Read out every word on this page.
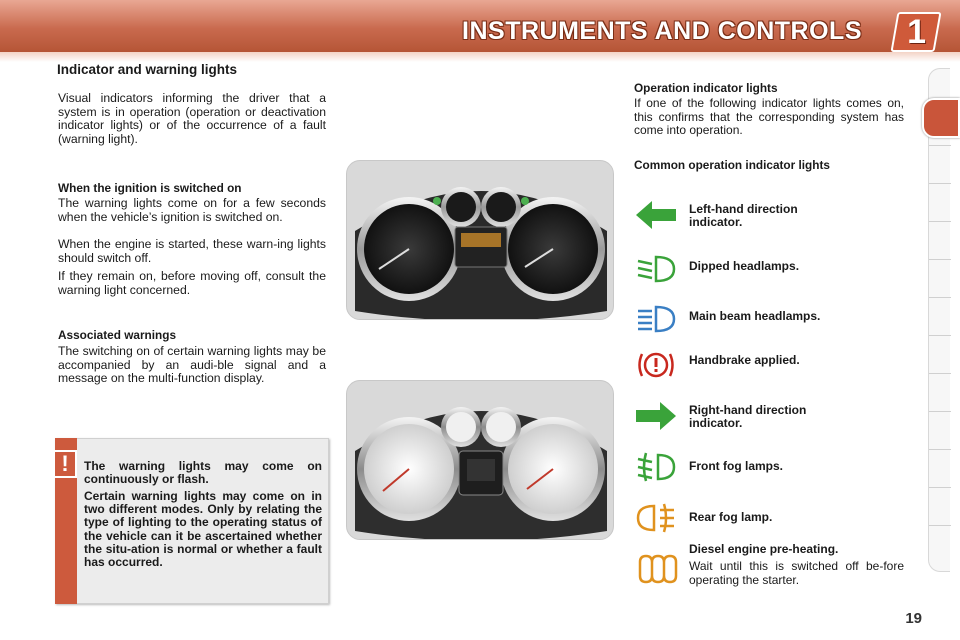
INSTRUMENTS AND CONTROLS 1
Indicator and warning lights
Visual indicators informing the driver that a system is in operation (operation or deactivation indicator lights) or of the occurrence of a fault (warning light).
When the ignition is switched on
The warning lights come on for a few seconds when the vehicle’s ignition is switched on.
When the engine is started, these warn-ing lights should switch off.
If they remain on, before moving off, consult the warning light concerned.
Associated warnings
The switching on of certain warning lights may be accompanied by an audi-ble signal and a message on the multi-function display.
!	The warning lights may come on continuously or flash.
Certain warning lights may come on in two different modes. Only by relating the type of lighting to the operating status of the vehicle can it be ascertained whether the situ-ation is normal or whether a fault has occurred.
Operation indicator lights
If one of the following indicator lights comes on, this confirms that the corresponding system has come into operation.
Common operation indicator lights
Left-hand direction indicator.
Dipped headlamps.
Main beam headlamps.
Handbrake applied.
Right-hand direction indicator.
Front fog lamps.
Rear fog lamp.
Diesel engine pre-heating.
Wait until this is switched off be-fore operating the starter.
19
